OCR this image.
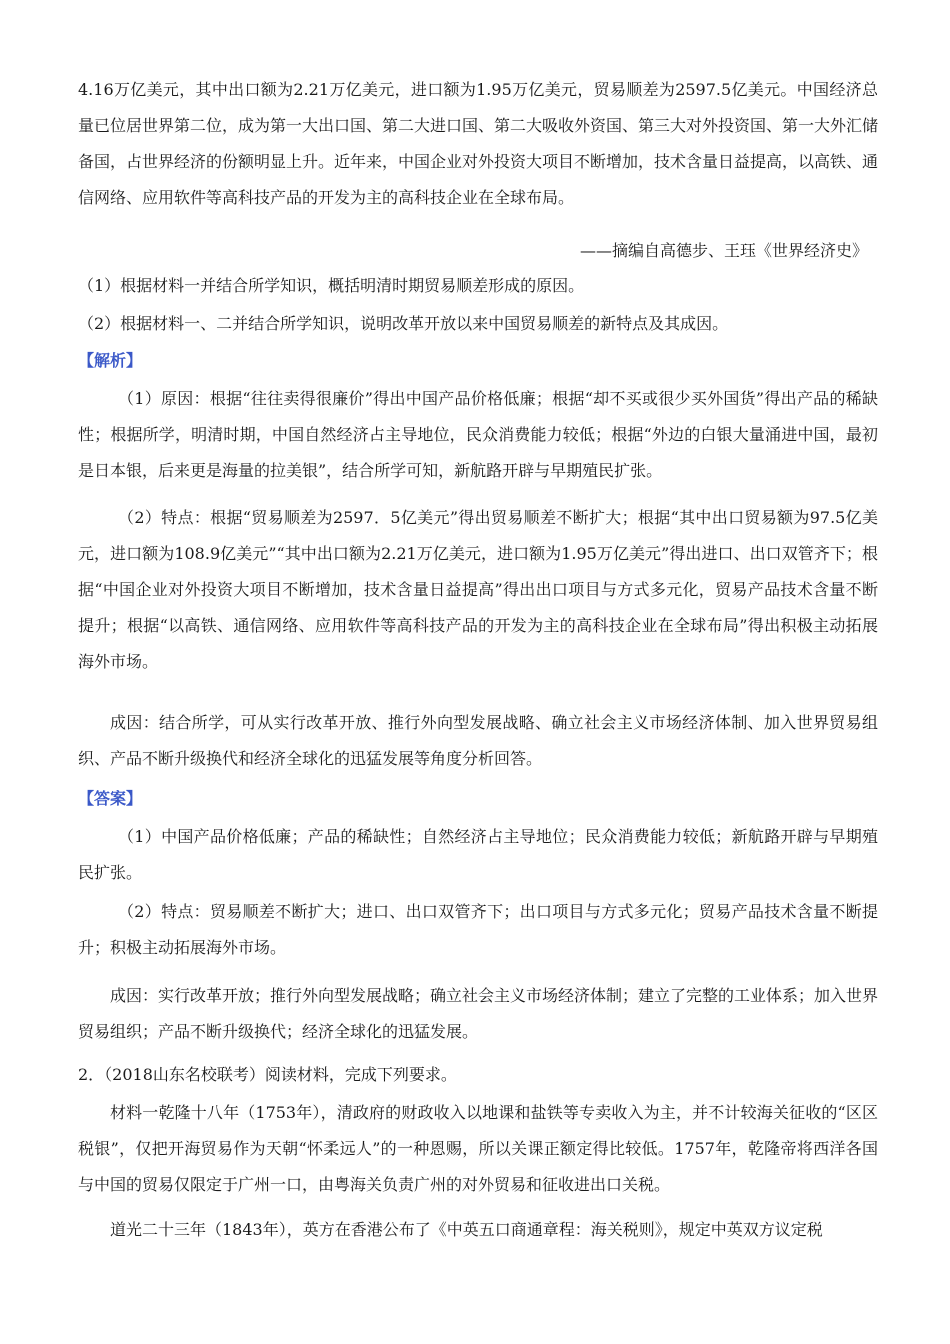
4.16万亿美元，其中出口额为2.21万亿美元，进口额为1.95万亿美元，贸易顺差为2597.5亿美元。中国经济总量已位居世界第二位，成为第一大出口国、第二大进口国、第二大吸收外资国、第三大对外投资国、第一大外汇储备国，占世界经济的份额明显上升。近年来，中国企业对外投资大项目不断增加，技术含量日益提高，以高铁、通信网络、应用软件等高科技产品的开发为主的高科技企业在全球布局。

——摘编自高德步、王珏《世界经济史》

（1）根据材料一并结合所学知识，概括明清时期贸易顺差形成的原因。

（2）根据材料一、二并结合所学知识，说明改革开放以来中国贸易顺差的新特点及其成因。

【解析】

（1）原因：根据“往往卖得很廉价”得出中国产品价格低廉；根据“却不买或很少买外国货”得出产品的稀缺性；根据所学，明清时期，中国自然经济占主导地位，民众消费能力较低；根据“外边的白银大量涌进中国，最初是日本银，后来更是海量的拉美银”，结合所学可知，新航路开辟与早期殖民扩张。

（2）特点：根据“贸易顺差为2597．5亿美元”得出贸易顺差不断扩大；根据“其中出口贸易额为97.5亿美元，进口额为108.9亿美元”“其中出口额为2.21万亿美元，进口额为1.95万亿美元”得出进口、出口双管齐下；根据“中国企业对外投资大项目不断增加，技术含量日益提高”得出出口项目与方式多元化，贸易产品技术含量不断提升；根据“以高铁、通信网络、应用软件等高科技产品的开发为主的高科技企业在全球布局”得出积极主动拓展海外市场。

成因：结合所学，可从实行改革开放、推行外向型发展战略、确立社会主义市场经济体制、加入世界贸易组织、产品不断升级换代和经济全球化的迅猛发展等角度分析回答。

【答案】

（1）中国产品价格低廉；产品的稀缺性；自然经济占主导地位；民众消费能力较低；新航路开辟与早期殖民扩张。

（2）特点：贸易顺差不断扩大；进口、出口双管齐下；出口项目与方式多元化；贸易产品技术含量不断提升；积极主动拓展海外市场。

成因：实行改革开放；推行外向型发展战略；确立社会主义市场经济体制；建立了完整的工业体系；加入世界贸易组织；产品不断升级换代；经济全球化的迅猛发展。

2．（2018山东名校联考）阅读材料，完成下列要求。

材料一乾隆十八年（1753年），清政府的财政收入以地课和盐铁等专卖收入为主，并不计较海关征收的“区区税银”，仅把开海贸易作为天朝“怀柔远人”的一种恩赐，所以关课正额定得比较低。1757年，乾隆帝将西洋各国与中国的贸易仅限定于广州一口，由粤海关负责广州的对外贸易和征收进出口关税。

道光二十三年（1843年），英方在香港公布了《中英五口商通章程：海关税则》，规定中英双方议定税
